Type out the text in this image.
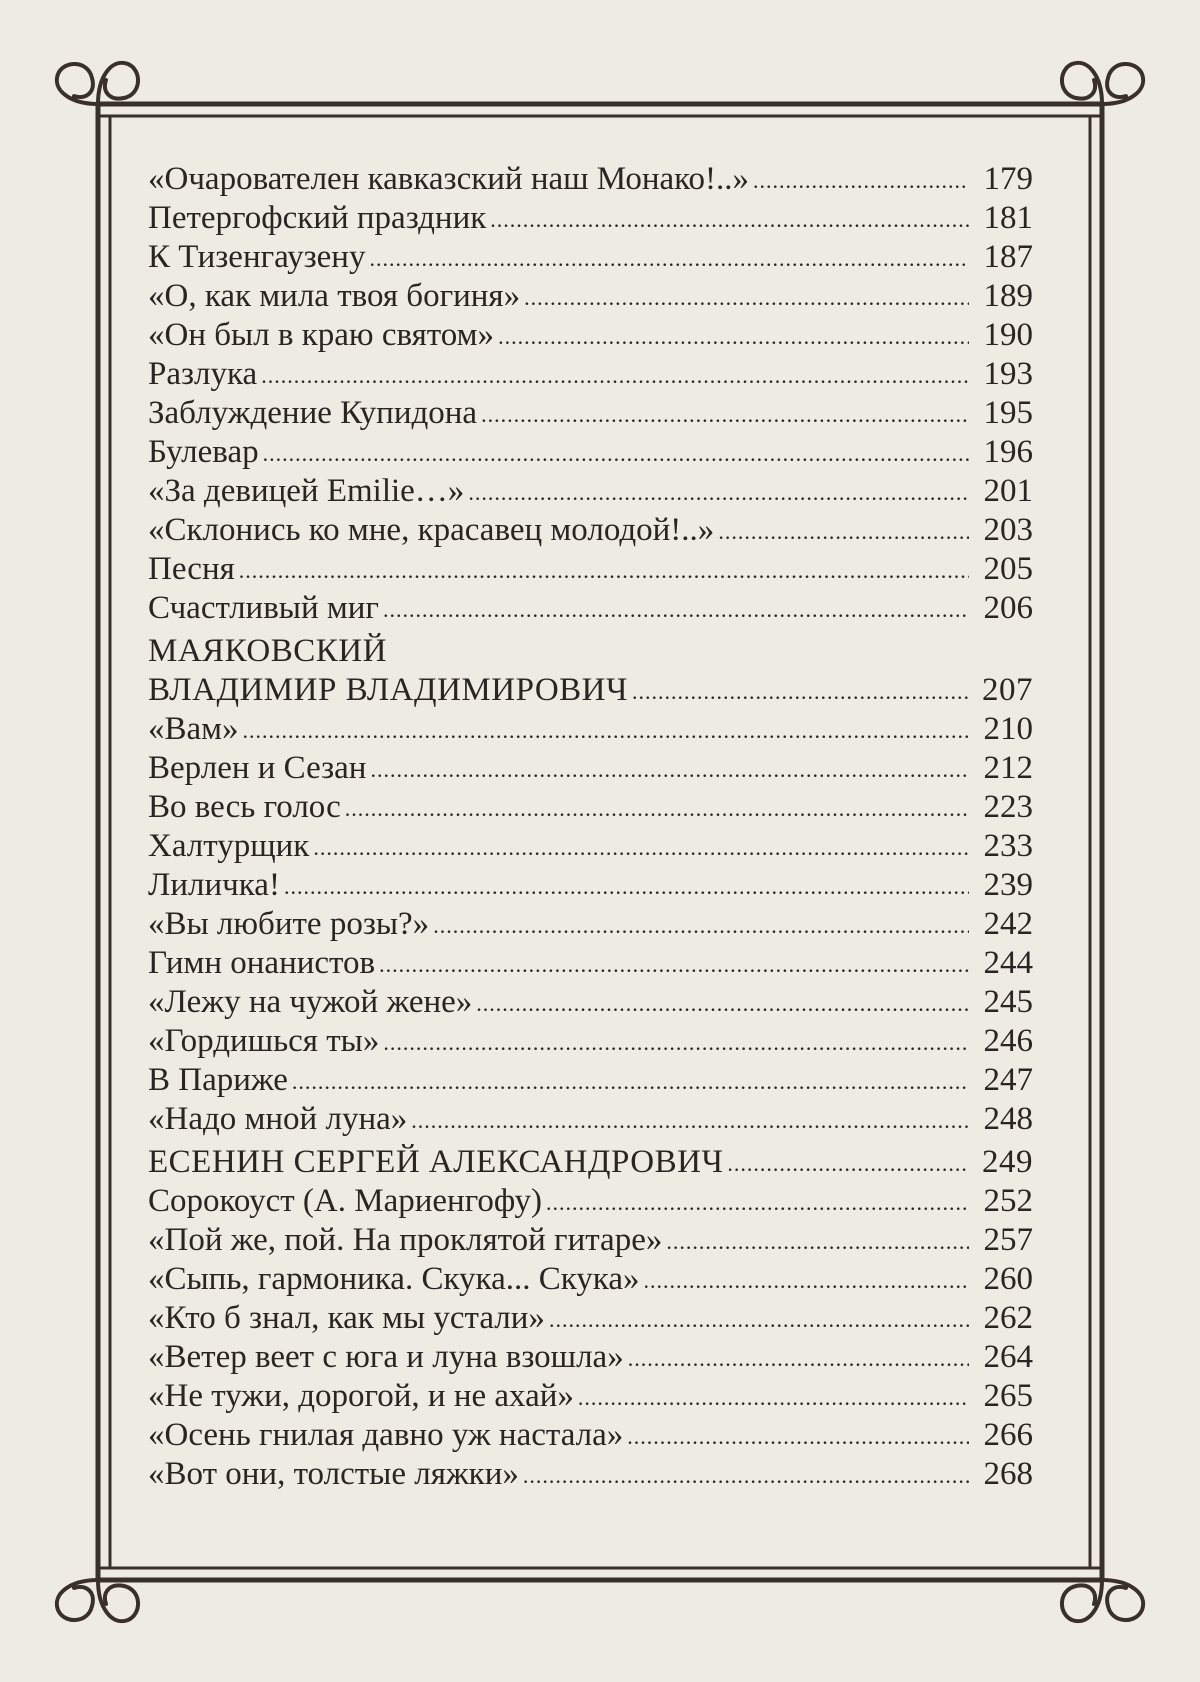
«Очарователен кавказский наш Монако!..» .....	179
Петергофский праздник .....	181
К Тизенгаузену .....	187
«О, как мила твоя богиня» .....	189
«Он был в краю святом» .....	190
Разлука .....	193
Заблуждение Купидона .....	195
Булевар .....	196
«За девицей Emilie…» .....	201
«Склонись ко мне, красавец молодой!..» .....	203
Песня .....	205
Счастливый миг .....	206
МАЯКОВСКИЙ
ВЛАДИМИР ВЛАДИМИРОВИЧ .....	207
«Вам» .....	210
Верлен и Сезан .....	212
Во весь голос .....	223
Халтурщик .....	233
Лиличка! .....	239
«Вы любите розы?» .....	242
Гимн онанистов .....	244
«Лежу на чужой жене» .....	245
«Гордишься ты» .....	246
В Париже .....	247
«Надо мной луна» .....	248
ЕСЕНИН СЕРГЕЙ АЛЕКСАНДРОВИЧ .....	249
Сорокоуст (А. Мариенгофу) .....	252
«Пой же, пой. На проклятой гитаре» .....	257
«Сыпь, гармоника. Скука... Скука» .....	260
«Кто б знал, как мы устали» .....	262
«Ветер веет с юга и луна взошла» .....	264
«Не тужи, дорогой, и не ахай» .....	265
«Осень гнилая давно уж настала» .....	266
«Вот они, толстые ляжки» .....	268
